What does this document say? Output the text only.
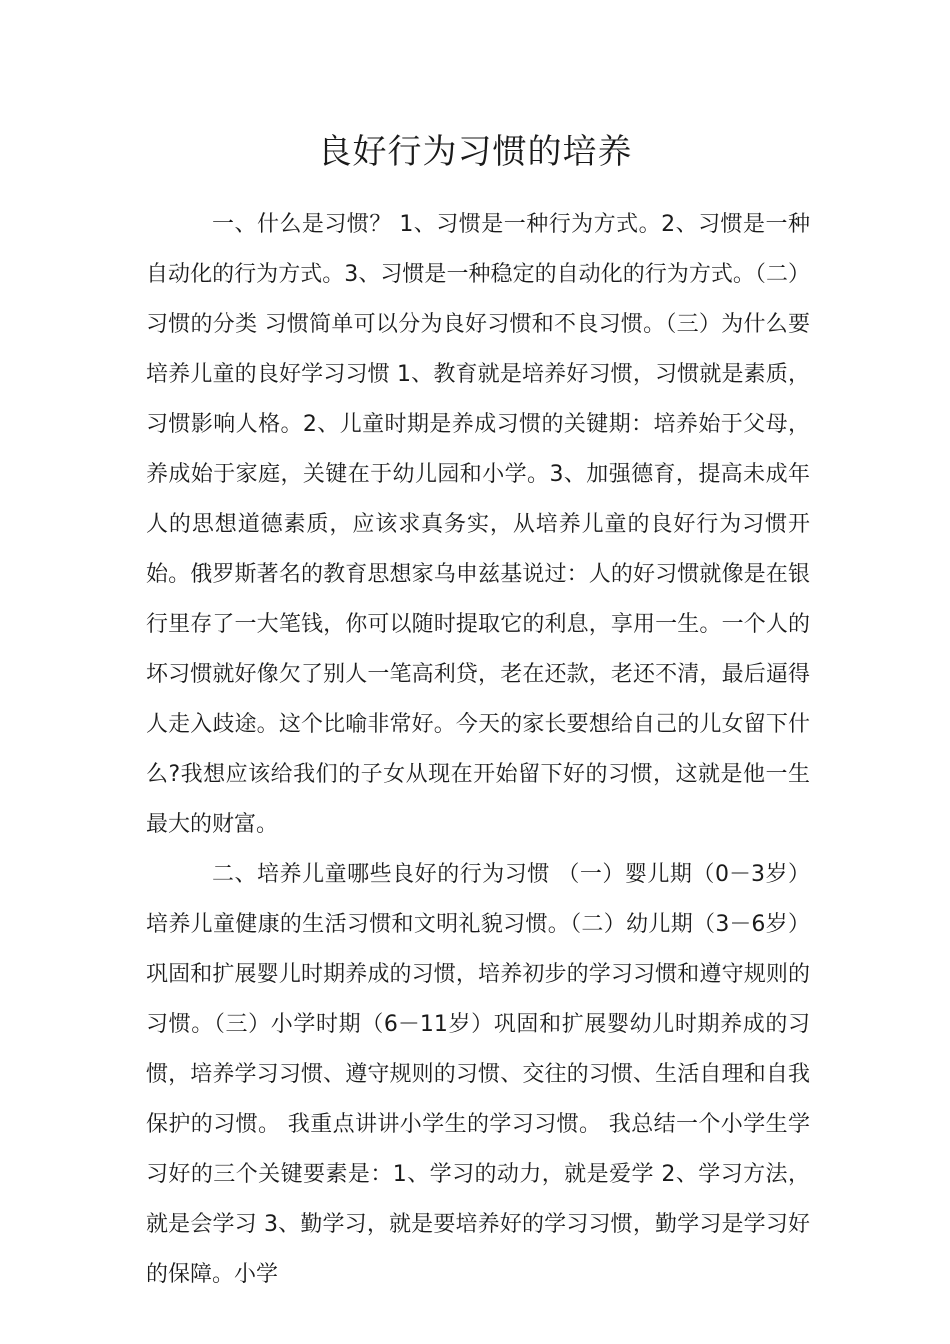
良好行为习惯的培养

一、什么是习惯？ 1、习惯是一种行为方式。2、习惯是一种自动化的行为方式。3、习惯是一种稳定的自动化的行为方式。（二）习惯的分类 习惯简单可以分为良好习惯和不良习惯。（三）为什么要培养儿童的良好学习习惯 1、教育就是培养好习惯，习惯就是素质，习惯影响人格。2、儿童时期是养成习惯的关键期：培养始于父母，养成始于家庭，关键在于幼儿园和小学。3、加强德育，提高未成年人的思想道德素质，应该求真务实，从培养儿童的良好行为习惯开始。俄罗斯著名的教育思想家乌申兹基说过：人的好习惯就像是在银行里存了一大笔钱，你可以随时提取它的利息，享用一生。一个人的坏习惯就好像欠了别人一笔高利贷，老在还款，老还不清，最后逼得人走入歧途。这个比喻非常好。今天的家长要想给自己的儿女留下什么?我想应该给我们的子女从现在开始留下好的习惯，这就是他一生最大的财富。

二、培养儿童哪些良好的行为习惯 （一）婴儿期（0－3岁）培养儿童健康的生活习惯和文明礼貌习惯。（二）幼儿期（3－6岁）巩固和扩展婴儿时期养成的习惯，培养初步的学习习惯和遵守规则的习惯。（三）小学时期（6－11岁）巩固和扩展婴幼儿时期养成的习惯，培养学习习惯、遵守规则的习惯、交往的习惯、生活自理和自我保护的习惯。 我重点讲讲小学生的学习习惯。 我总结一个小学生学习好的三个关键要素是：1、学习的动力，就是爱学 2、学习方法，就是会学习 3、勤学习，就是要培养好的学习习惯，勤学习是学习好的保障。小学
